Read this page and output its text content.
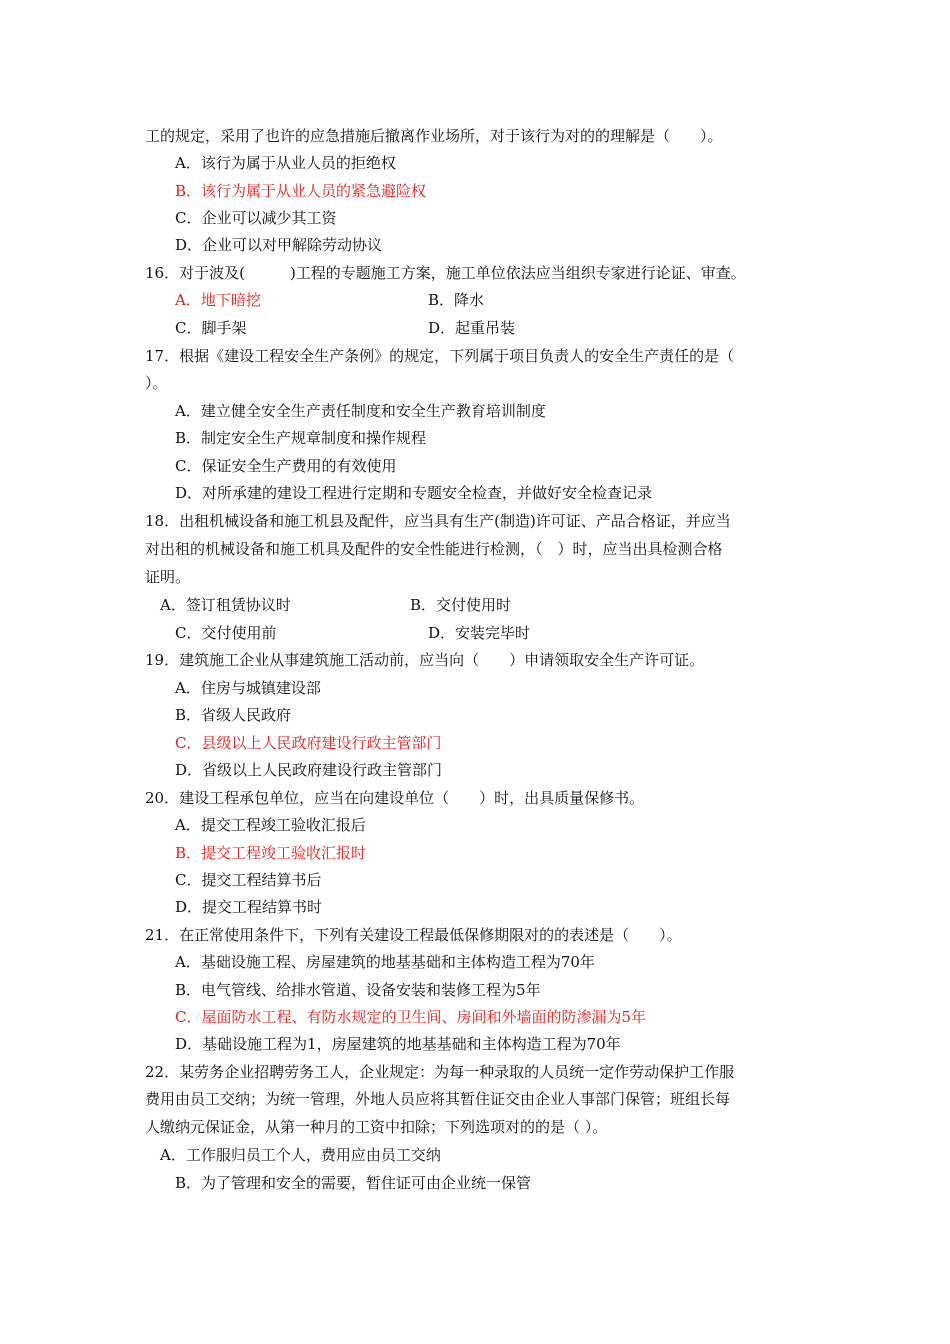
工的规定，采用了也许的应急措施后撤离作业场所，对于该行为对的的理解是（　　）。
A．该行为属于从业人员的拒绝权
B．该行为属于从业人员的紧急避险权
C．企业可以减少其工资
D．企业可以对甲解除劳动协议
16．对于波及(　　　)工程的专题施工方案，施工单位依法应当组织专家进行论证、审查。
A．地下暗挖	B．降水
C．脚手架	D．起重吊装
17．根据《建设工程安全生产条例》的规定，下列属于项目负责人的安全生产责任的是（
）。
A．建立健全安全生产责任制度和安全生产教育培训制度
B．制定安全生产规章制度和操作规程
C．保证安全生产费用的有效使用
D．对所承建的建设工程进行定期和专题安全检查，并做好安全检查记录
18．出租机械设备和施工机县及配件，应当具有生产(制造)许可证、产品合格证，并应当
对出租的机械设备和施工机具及配件的安全性能进行检测，（　）时，应当出具检测合格
证明。
A．签订租赁协议时	B．交付使用时
C．交付使用前	D．安装完毕时
19．建筑施工企业从事建筑施工活动前，应当向（　　）申请领取安全生产许可证。
A．住房与城镇建设部
B．省级人民政府
C．县级以上人民政府建设行政主管部门
D．省级以上人民政府建设行政主管部门
20．建设工程承包单位，应当在向建设单位（　　）时，出具质量保修书。
A．提交工程竣工验收汇报后
B．提交工程竣工验收汇报时
C．提交工程结算书后
D．提交工程结算书时
21．在正常使用条件下，下列有关建设工程最低保修期限对的的表述是（　　）。
A．基础设施工程、房屋建筑的地基基础和主体构造工程为70年
B．电气管线、给排水管道、设备安装和装修工程为5年
C．屋面防水工程、有防水规定的卫生间、房间和外墙面的防渗漏为5年
D．基础设施工程为1，房屋建筑的地基基础和主体构造工程为70年
22．某劳务企业招聘劳务工人，企业规定：为每一种录取的人员统一定作劳动保护工作服
费用由员工交纳；为统一管理，外地人员应将其暂住证交由企业人事部门保管；班组长每
人缴纳元保证金，从第一种月的工资中扣除；下列选项对的的是（ ）。
A．工作服归员工个人，费用应由员工交纳
B．为了管理和安全的需要，暂住证可由企业统一保管
